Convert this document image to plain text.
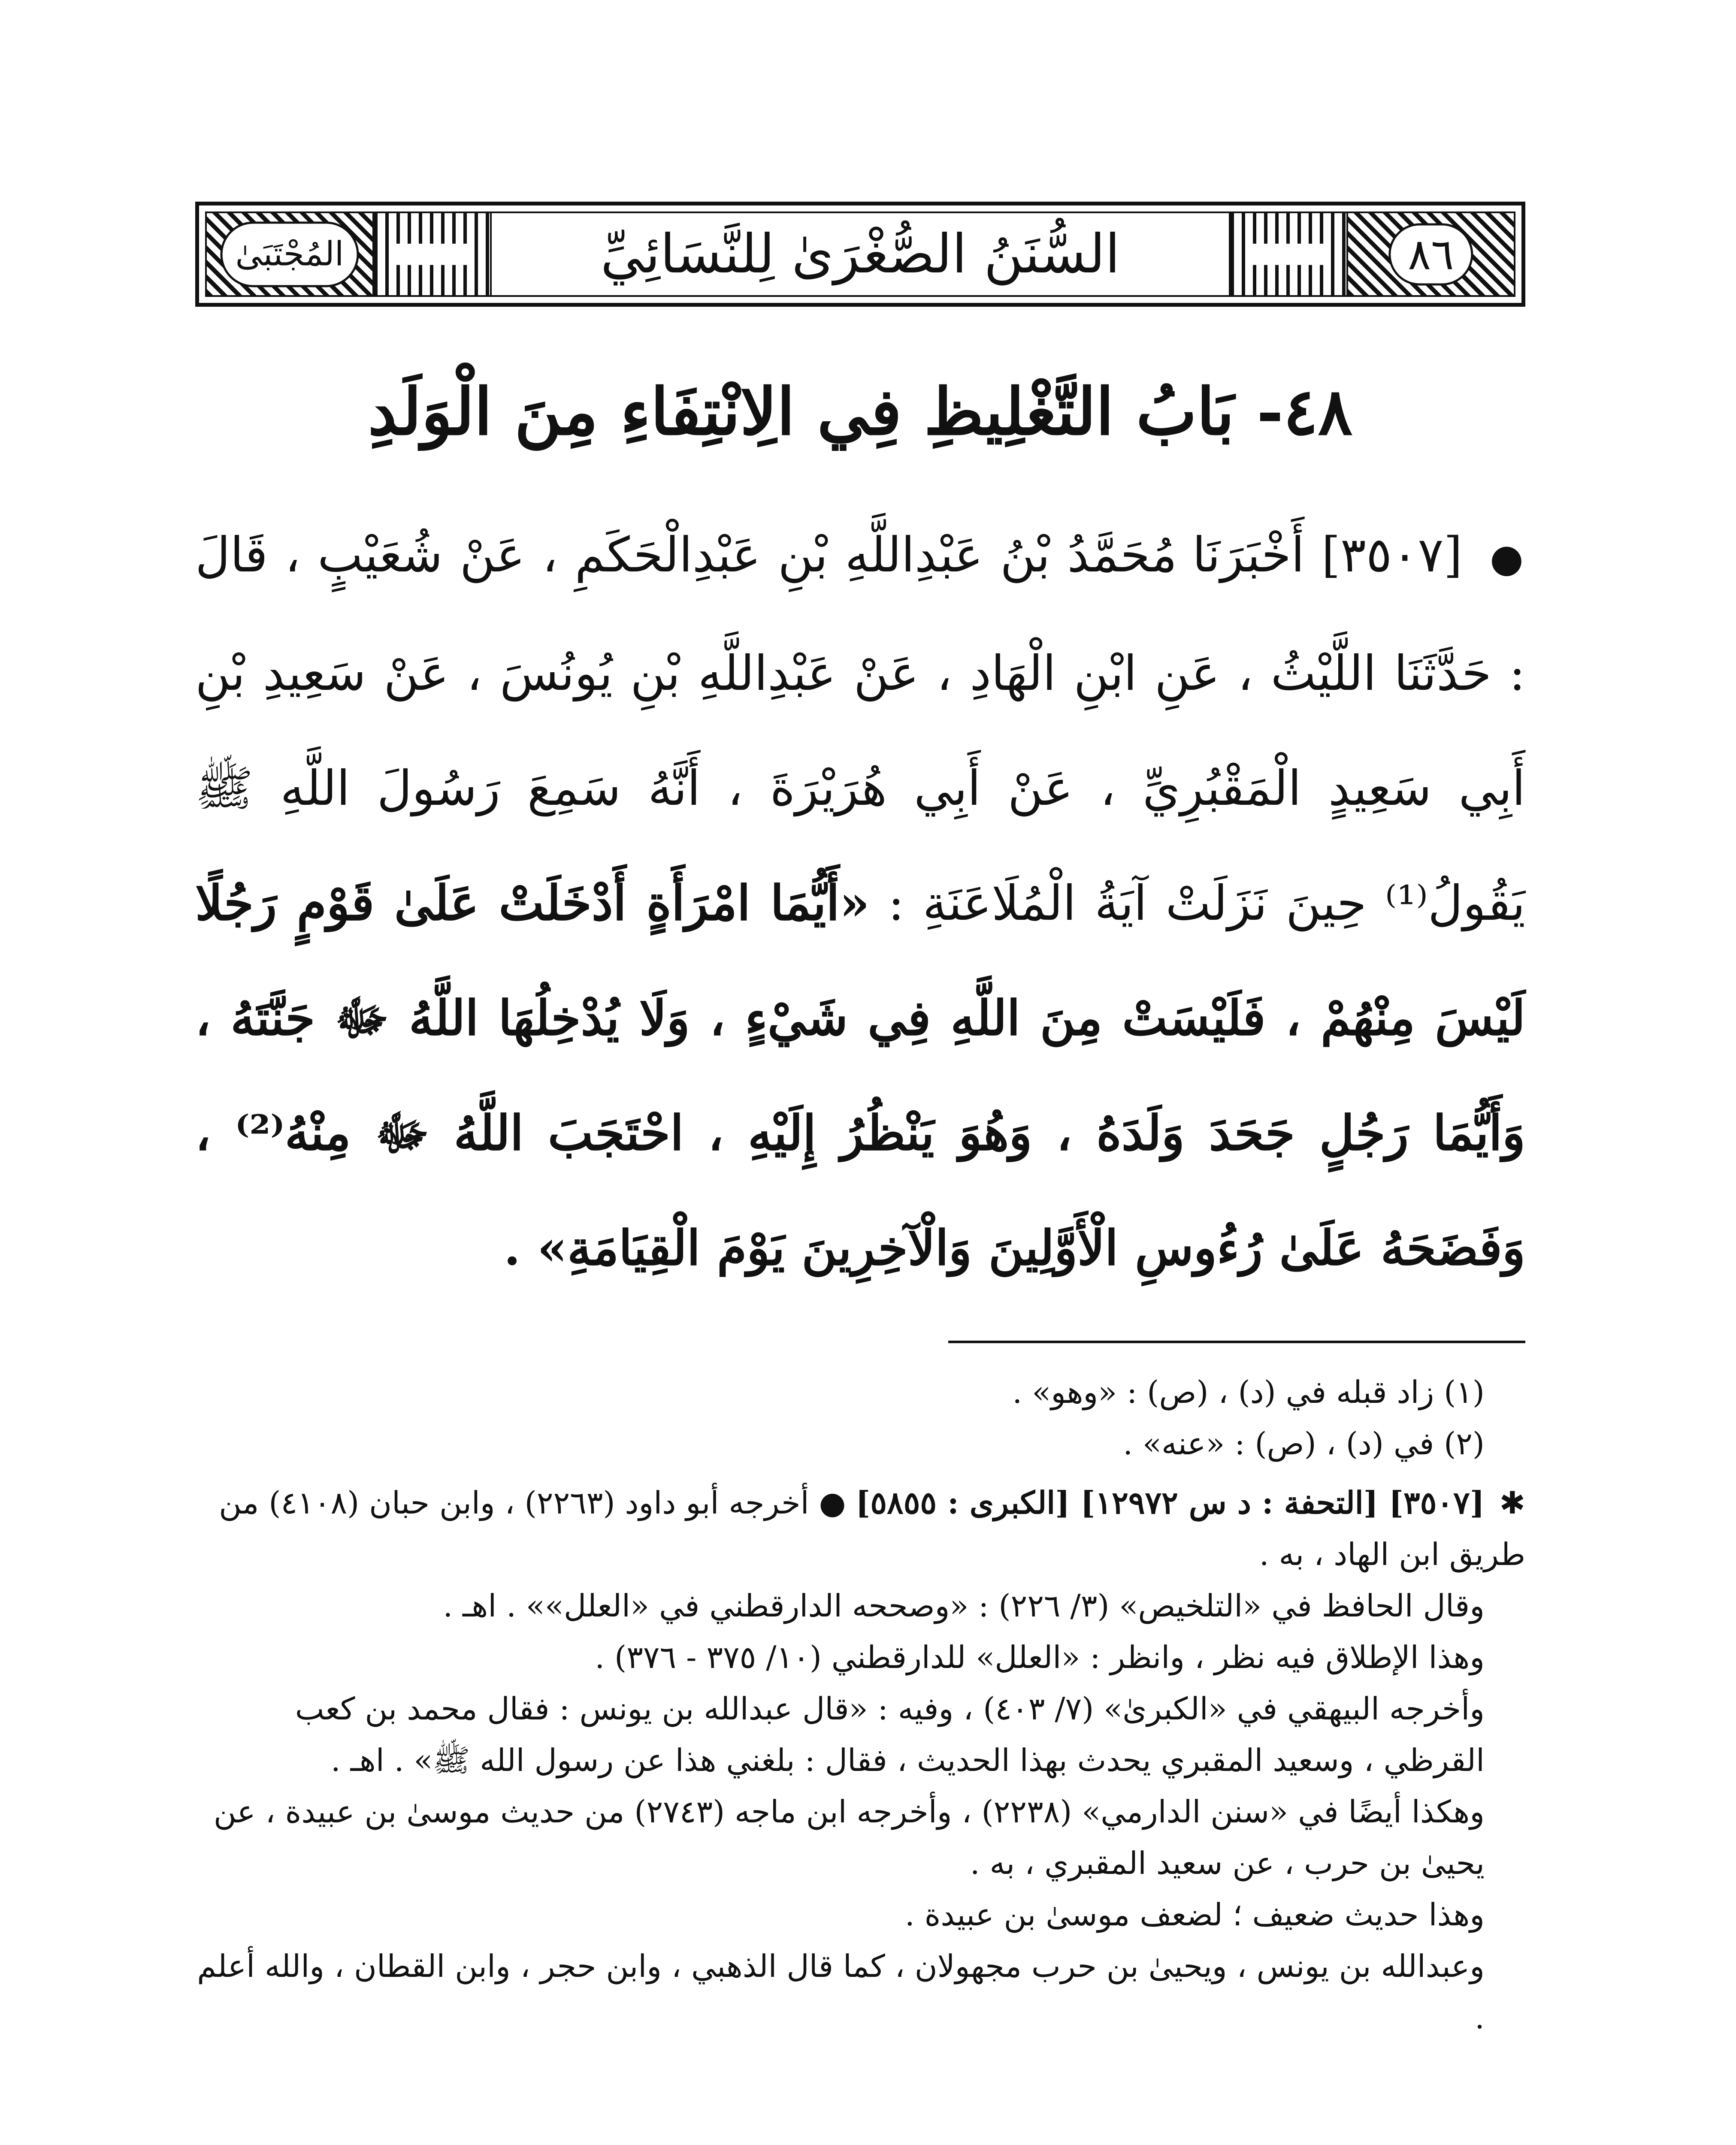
المُجْتَبَىٰ	السُّنَنُ الصُّغْرَىٰ لِلنَّسَائِيِّ	٨٦
٤٨- بَابُ التَّغْلِيظِ فِي الِانْتِفَاءِ مِنَ الْوَلَدِ
● [٣٥٠٧] أَخْبَرَنَا مُحَمَّدُ بْنُ عَبْدِاللَّهِ بْنِ عَبْدِالْحَكَمِ ، عَنْ شُعَيْبٍ ، قَالَ : حَدَّثَنَا اللَّيْثُ ، عَنِ ابْنِ الْهَادِ ، عَنْ عَبْدِاللَّهِ بْنِ يُونُسَ ، عَنْ سَعِيدِ بْنِ أَبِي سَعِيدٍ الْمَقْبُرِيِّ ، عَنْ أَبِي هُرَيْرَةَ ، أَنَّهُ سَمِعَ رَسُولَ اللَّهِ ﷺ يَقُولُ⁽¹⁾ حِينَ نَزَلَتْ آيَةُ الْمُلَاعَنَةِ : «أَيُّمَا امْرَأَةٍ أَدْخَلَتْ عَلَىٰ قَوْمٍ رَجُلًا لَيْسَ مِنْهُمْ ، فَلَيْسَتْ مِنَ اللَّهِ فِي شَيْءٍ ، وَلَا يُدْخِلُهَا اللَّهُ ﷻ جَنَّتَهُ ، وَأَيُّمَا رَجُلٍ جَحَدَ وَلَدَهُ ، وَهُوَ يَنْظُرُ إِلَيْهِ ، احْتَجَبَ اللَّهُ ﷻ مِنْهُ⁽²⁾ ، وَفَضَحَهُ عَلَىٰ رُءُوسِ الْأَوَّلِينَ وَالْآخِرِينَ يَوْمَ الْقِيَامَةِ» .

(١) زاد قبله في (د) ، (ص) : «وهو» .

(٢) في (د) ، (ص) : «عنه» .

✱ [٣٥٠٧] [التحفة : د س ١٢٩٧٢] [الكبرى : ٥٨٥٥] ● أخرجه أبو داود (٢٢٦٣) ، وابن حبان (٤١٠٨) من طريق ابن الهاد ، به .

وقال الحافظ في «التلخيص» (٣/ ٢٢٦) : «وصححه الدارقطني في «العلل»» . اهـ .

وهذا الإطلاق فيه نظر ، وانظر : «العلل» للدارقطني (١٠/ ٣٧٥ - ٣٧٦) .

وأخرجه البيهقي في «الكبرىٰ» (٧/ ٤٠٣) ، وفيه : «قال عبدالله بن يونس : فقال محمد بن كعب القرظي ، وسعيد المقبري يحدث بهذا الحديث ، فقال : بلغني هذا عن رسول الله ﷺ» . اهـ .

وهكذا أيضًا في «سنن الدارمي» (٢٢٣٨) ، وأخرجه ابن ماجه (٢٧٤٣) من حديث موسىٰ بن عبيدة ، عن يحيىٰ بن حرب ، عن سعيد المقبري ، به .

وهذا حديث ضعيف ؛ لضعف موسىٰ بن عبيدة .

وعبدالله بن يونس ، ويحيىٰ بن حرب مجهولان ، كما قال الذهبي ، وابن حجر ، وابن القطان ، والله أعلم .
